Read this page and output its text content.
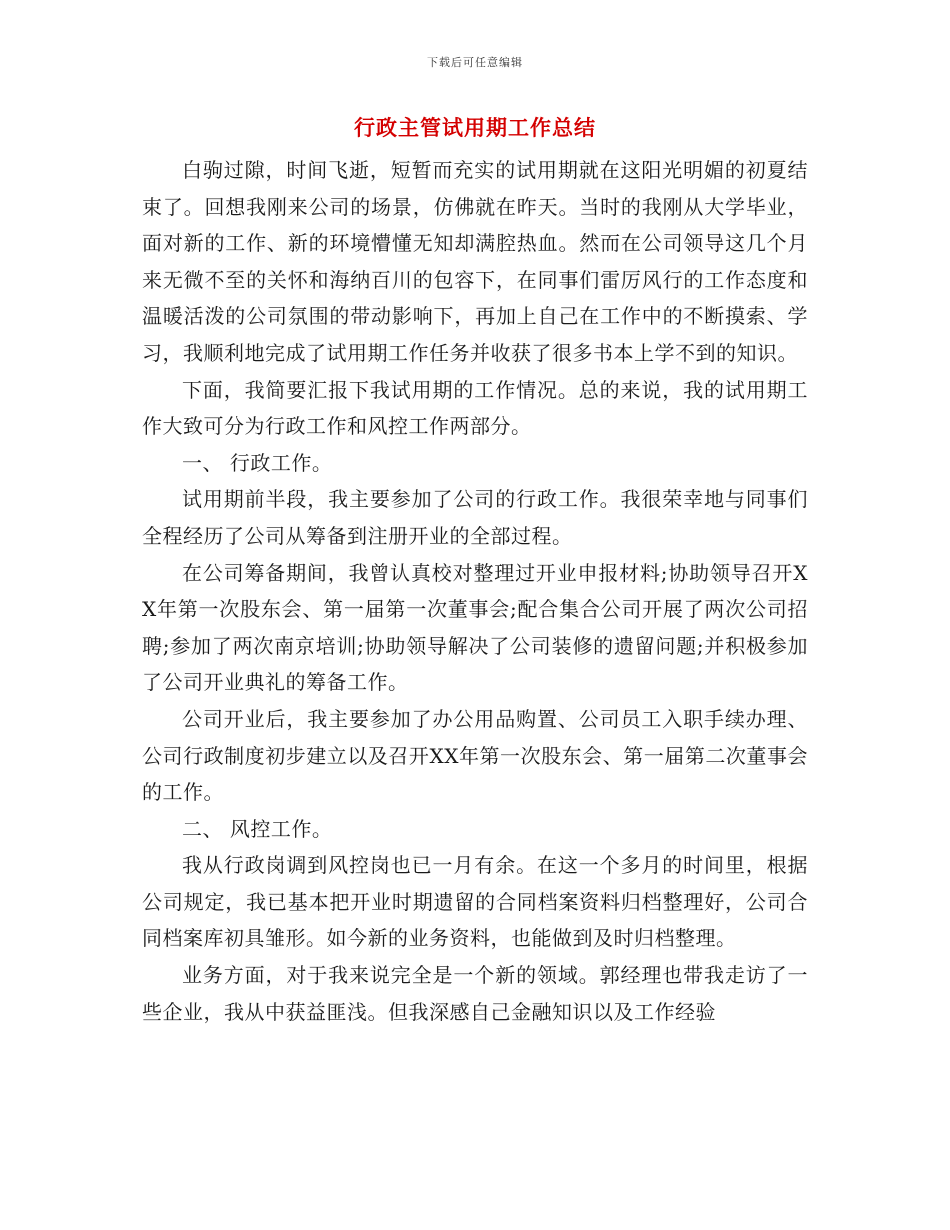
下载后可任意编辑
行政主管试用期工作总结

白驹过隙，时间飞逝，短暂而充实的试用期就在这阳光明媚的初夏结束了。回想我刚来公司的场景，仿佛就在昨天。当时的我刚从大学毕业，面对新的工作、新的环境懵懂无知却满腔热血。然而在公司领导这几个月来无微不至的关怀和海纳百川的包容下，在同事们雷厉风行的工作态度和温暖活泼的公司氛围的带动影响下，再加上自己在工作中的不断摸索、学习，我顺利地完成了试用期工作任务并收获了很多书本上学不到的知识。

下面，我简要汇报下我试用期的工作情况。总的来说，我的试用期工作大致可分为行政工作和风控工作两部分。

一、 行政工作。

试用期前半段，我主要参加了公司的行政工作。我很荣幸地与同事们全程经历了公司从筹备到注册开业的全部过程。

在公司筹备期间，我曾认真校对整理过开业申报材料;协助领导召开XX年第一次股东会、第一届第一次董事会;配合集合公司开展了两次公司招聘;参加了两次南京培训;协助领导解决了公司装修的遗留问题;并积极参加了公司开业典礼的筹备工作。

公司开业后，我主要参加了办公用品购置、公司员工入职手续办理、公司行政制度初步建立以及召开XX年第一次股东会、第一届第二次董事会的工作。

二、 风控工作。

我从行政岗调到风控岗也已一月有余。在这一个多月的时间里，根据公司规定，我已基本把开业时期遗留的合同档案资料归档整理好，公司合同档案库初具雏形。如今新的业务资料，也能做到及时归档整理。

业务方面，对于我来说完全是一个新的领域。郭经理也带我走访了一些企业，我从中获益匪浅。但我深感自己金融知识以及工作经验
